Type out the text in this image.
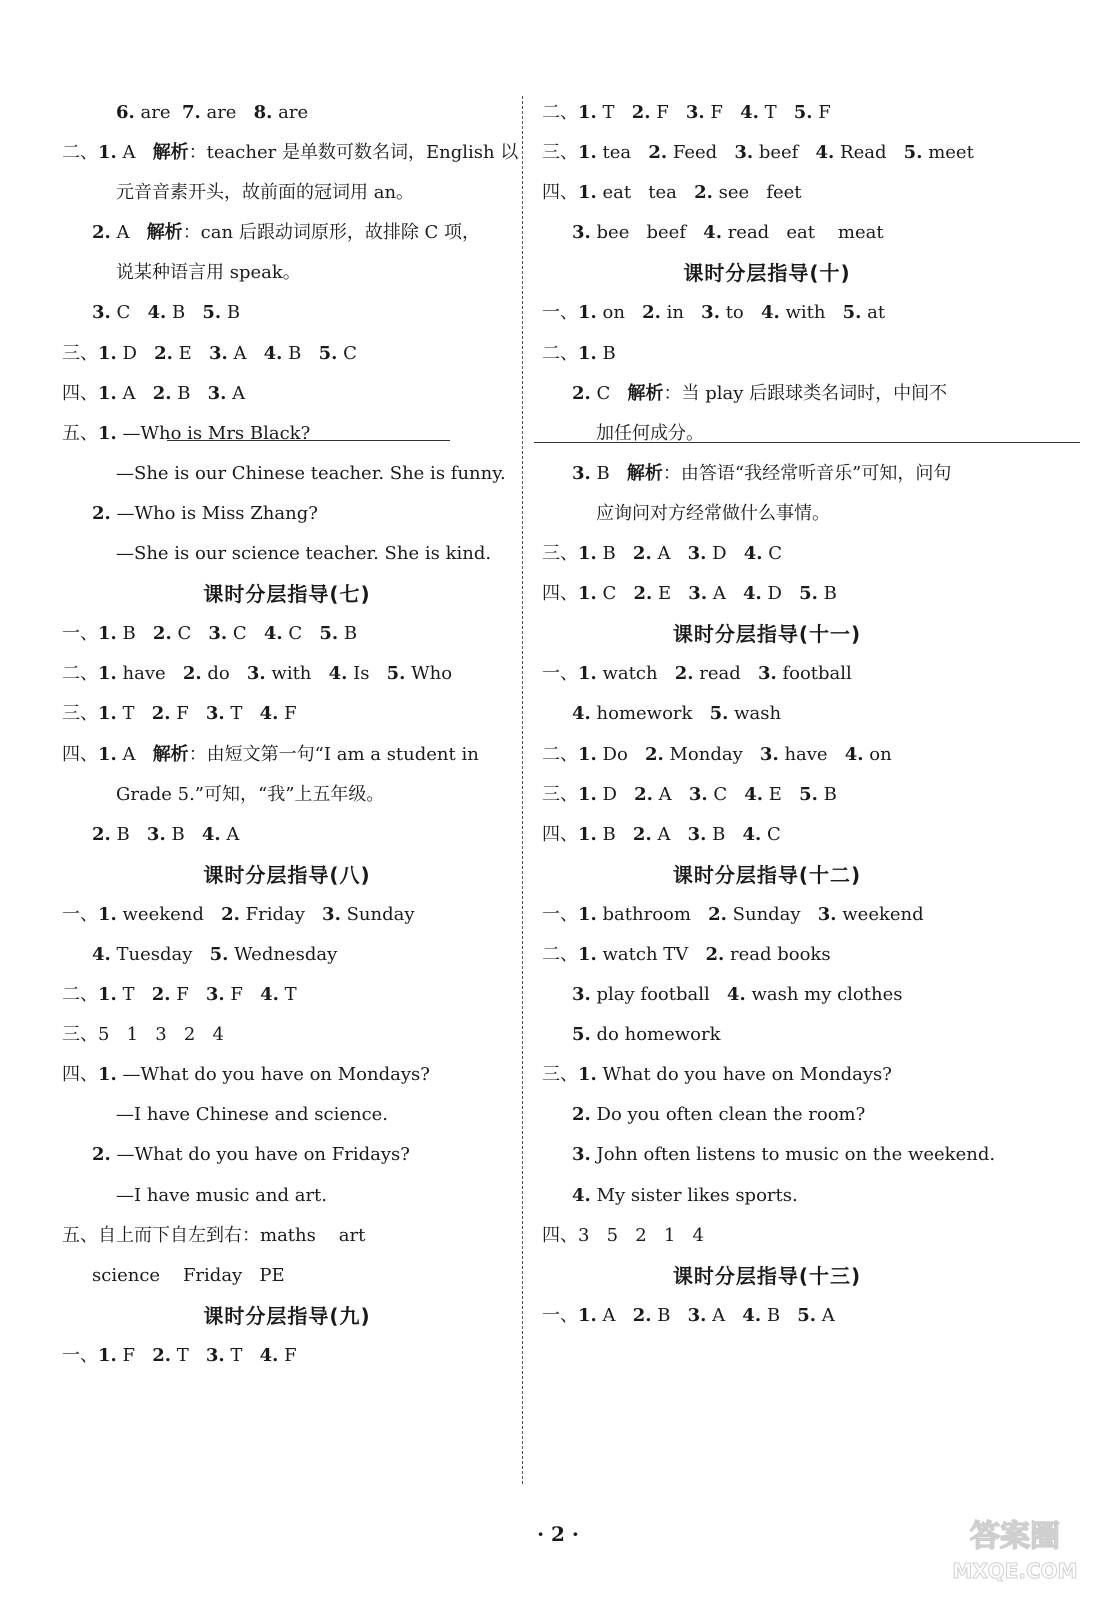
6. are  7. are   8. are
二、1. A   解析：teacher 是单数可数名词，English 以
元音音素开头，故前面的冠词用 an。
2. A   解析：can 后跟动词原形，故排除 C 项，
说某种语言用 speak。
3. C   4. B   5. B
三、1. D   2. E   3. A   4. B   5. C
四、1. A   2. B   3. A
五、1. —Who is Mrs Black?
—She is our Chinese teacher. She is funny.
2. —Who is Miss Zhang?
—She is our science teacher. She is kind.
课时分层指导(七)
一、1. B   2. C   3. C   4. C   5. B
二、1. have   2. do   3. with   4. Is   5. Who
三、1. T   2. F   3. T   4. F
四、1. A   解析：由短文第一句“I am a student in
Grade 5.”可知，“我”上五年级。
2. B   3. B   4. A
课时分层指导(八)
一、1. weekend   2. Friday   3. Sunday
4. Tuesday   5. Wednesday
二、1. T   2. F   3. F   4. T
三、5   1   3   2   4
四、1. —What do you have on Mondays?
—I have Chinese and science.
2. —What do you have on Fridays?
—I have music and art.
五、自上而下自左到右：maths    art
science    Friday   PE
课时分层指导(九)
一、1. F   2. T   3. T   4. F
二、1. T   2. F   3. F   4. T   5. F
三、1. tea   2. Feed   3. beef   4. Read   5. meet
四、1. eat   tea   2. see   feet
3. bee   beef   4. read   eat    meat
课时分层指导(十)
一、1. on   2. in   3. to   4. with   5. at
二、1. B
2. C   解析：当 play 后跟球类名词时，中间不
加任何成分。
3. B   解析：由答语“我经常听音乐”可知，问句
应询问对方经常做什么事情。
三、1. B   2. A   3. D   4. C
四、1. C   2. E   3. A   4. D   5. B
课时分层指导(十一)
一、1. watch   2. read   3. football
4. homework   5. wash
二、1. Do   2. Monday   3. have   4. on
三、1. D   2. A   3. C   4. E   5. B
四、1. B   2. A   3. B   4. C
课时分层指导(十二)
一、1. bathroom   2. Sunday   3. weekend
二、1. watch TV   2. read books
3. play football   4. wash my clothes
5. do homework
三、1. What do you have on Mondays?
2. Do you often clean the room?
3. John often listens to music on the weekend.
4. My sister likes sports.
四、3   5   2   1   4
课时分层指导(十三)
一、1. A   2. B   3. A   4. B   5. A
· 2 ·	答案圈
MXQE.COM
